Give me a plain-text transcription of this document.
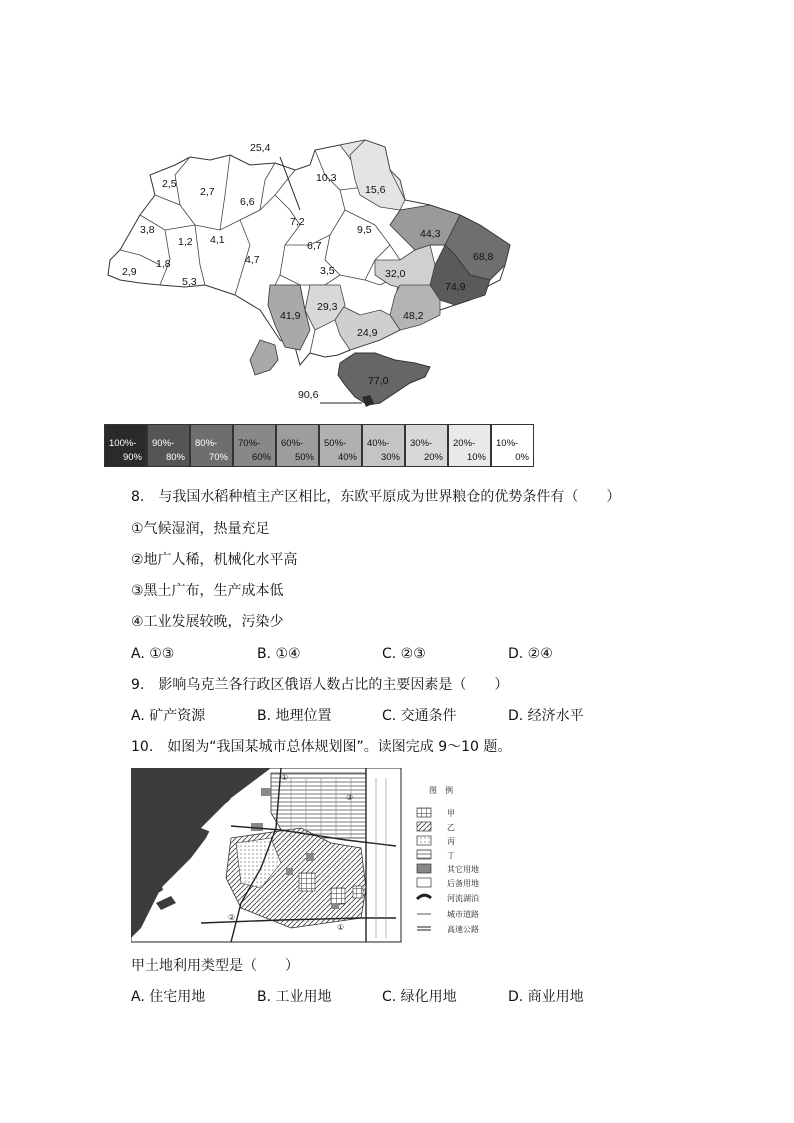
2,5
2,7
6,6
10,3
15,6
25,4
7,2
3,8
1,2 4,1
9,5	44,3
68,8
1,8
2,9
5,3
4,7
6,7
3,5	32,0
74,9
41,9
29,3
48,2
24,9
77,0
90,6
100%-
90%
90%-
80%
80%-
70%
70%-
60%
60%-
50%
50%-
40%
40%-
30%
30%-
20%
20%-
10%
10%-
0%
8.　与我国水稻种植主产区相比，东欧平原成为世界粮仓的优势条件有（　　）
①气候湿润，热量充足
②地广人稀，机械化水平高
③黑土广布，生产成本低
④工业发展较晚，污染少
A. ①③	B. ①④	C. ②③	D. ②④
9.　影响乌克兰各行政区俄语人数占比的主要因素是（　　）
A. 矿产资源	B. 地理位置	C. 交通条件	D. 经济水平
10.　如图为“我国某城市总体规划图”。读图完成 9～10 题。
①
②
③
①
图　例
甲
乙
丙
丁
其它用地
后备用地
河流湖泊
城市道路
高速公路
甲土地利用类型是（　　）
A. 住宅用地	B. 工业用地	C. 绿化用地	D. 商业用地
